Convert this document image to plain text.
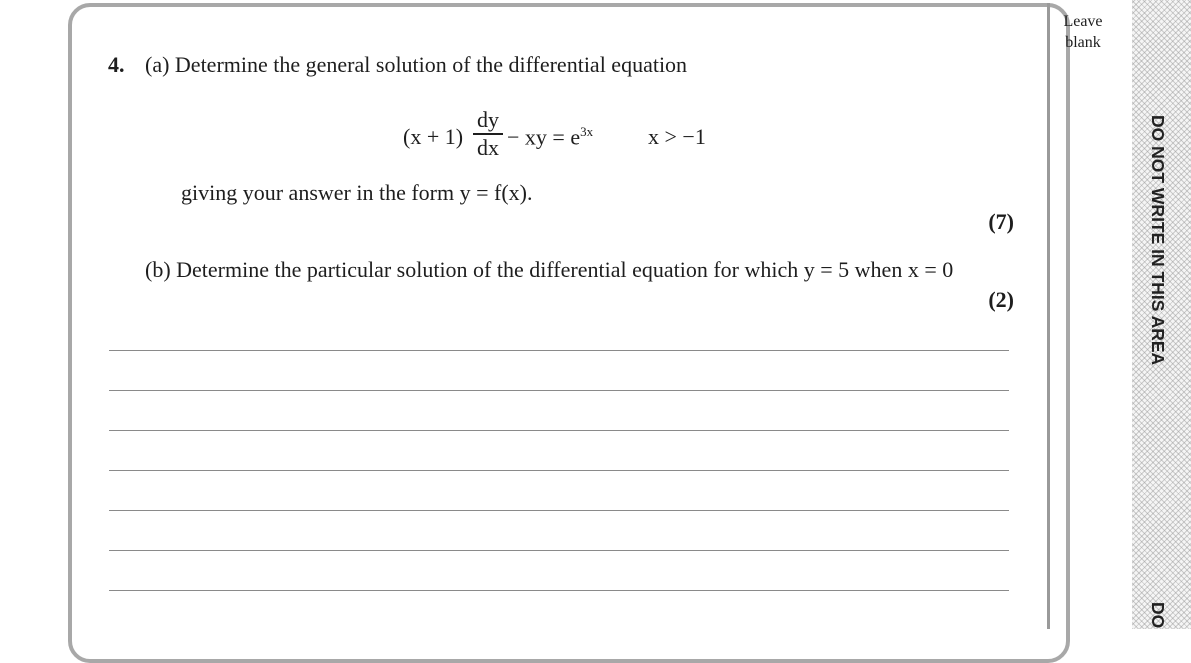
Leave
blank
DO NOT WRITE IN THIS AREA
DO
4. (a) Determine the general solution of the differential equation
(x + 1)
dy
dx − xy = $e^{3x}$ x > −1
giving your answer in the form y = f(x).
(7)
(b) Determine the particular solution of the differential equation for which y = 5 when x = 0
(2)
